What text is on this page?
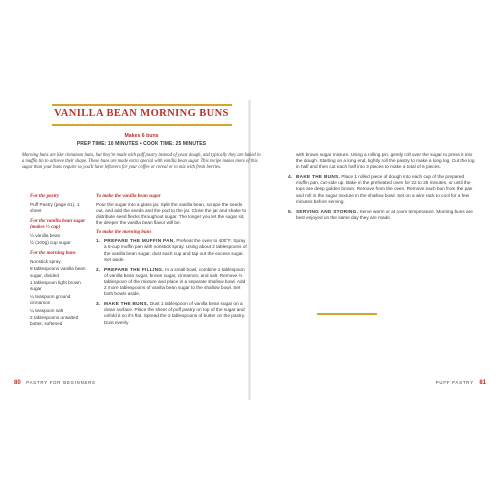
VANILLA BEAN MORNING BUNS
Makes 6 buns
PREP TIME: 10 MINUTES • COOK TIME: 25 MINUTES
Morning buns are like cinnamon buns, but they're made with puff pastry instead of yeast dough, and typically they are baked in a muffin tin to achieve their shape. These buns are made extra special with vanilla bean sugar. This recipe makes more of this sugar than your buns require so you'll have leftovers for your coffee or cereal or to mix with fresh berries.
For the pastry
Puff Pastry (page 61), 1 sheet
For the vanilla bean sugar (makes ½ cup)
½ vanilla bean
½ (100g) cup sugar
For the morning buns
Nonstick spray
8 tablespoons vanilla bean sugar, divided
1 tablespoon light brown sugar
¼ teaspoon ground cinnamon
¼ teaspoon salt
2 tablespoons unsalted butter, softened
To make the vanilla bean sugar
Pour the sugar into a glass jar. Split the vanilla bean, scrape the seeds out, and add the seeds and the pod to the jar. Close the jar and shake to distribute seed flecks throughout sugar. The longer you let the sugar sit, the deeper the vanilla bean flavor will be.
To make the morning buns
1. PREPARE THE MUFFIN PAN. Preheat the oven to 400°F. Spray a 6-cup muffin pan with nonstick spray. Using about 2 tablespoons of the vanilla bean sugar, dust each cup and tap out the excess sugar. Set aside.
2. PREPARE THE FILLING. In a small bowl, combine 1 tablespoon of vanilla bean sugar, brown sugar, cinnamon, and salt. Remove ½ tablespoon of the mixture and place in a separate shallow bowl. Add 2 more tablespoons of vanilla bean sugar to the shallow bowl. Set both bowls aside.
3. MAKE THE BUNS. Dust 1 tablespoon of vanilla bean sugar on a clean surface. Place the sheet of puff pastry on top of the sugar and unfold it so it's flat. Spread the 2 tablespoons of butter on the pastry. Dust evenly
with brown sugar mixture. Using a rolling pin, gently roll over the sugar to press it into the dough. Starting on a long end, tightly roll the pastry to make a long log. Cut the log in half and then cut each half into 3 pieces to make a total of 6 pieces.
4. BAKE THE BUNS. Place 1 rolled piece of dough into each cup of the prepared muffin pan, cut-side up. Bake in the preheated oven for 22 to 25 minutes, or until the tops are deep golden brown. Remove from the oven. Remove each bun from the pan and roll in the sugar mixture in the shallow bowl. Set on a wire rack to cool for a few minutes before serving.
5. SERVING AND STORING. Serve warm or at room temperature. Morning buns are best enjoyed on the same day they are made.
80 PASTRY FOR BEGINNERS	PUFF PASTRY 81
